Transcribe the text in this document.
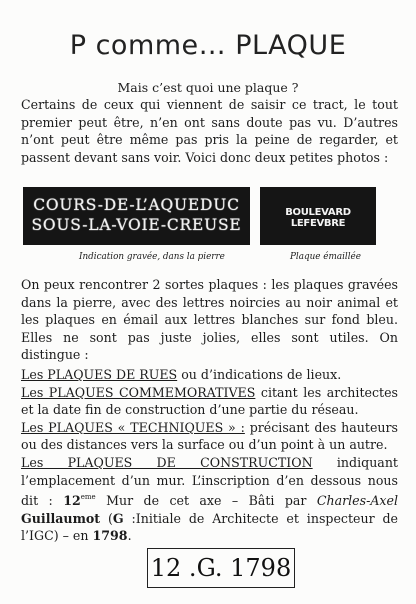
P comme… PLAQUE
Mais c’est quoi une plaque ?
Certains de ceux qui viennent de saisir ce tract, le tout premier peut être, n’en ont sans doute pas vu. D’autres n’ont peut être même pas pris la peine de regarder, et passent devant sans voir. Voici donc deux petites photos :
COURS-DE-L’AQUEDUC
SOUS-LA-VOIE-CREUSE
BOULEVARD LEFEVBRE
Indication gravée, dans la pierre	Plaque émaillée
On peux rencontrer 2 sortes plaques : les plaques gravées dans la pierre, avec des lettres noircies au noir animal et les plaques en émail aux lettres blanches sur fond bleu. Elles ne sont pas juste jolies, elles sont utiles. On distingue :
Les PLAQUES DE RUES ou d’indications de lieux.
Les PLAQUES COMMEMORATIVES citant les architectes et la date fin de construction d’une partie du réseau.
Les PLAQUES « TECHNIQUES » : précisant des hauteurs ou des distances vers la surface ou d’un point à un autre.
Les PLAQUES DE CONSTRUCTION indiquant l’emplacement d’un mur. L’inscription d’en dessous nous dit : 12eme Mur de cet axe – Bâti par Charles-Axel Guillaumot (G :Initiale de Architecte et inspecteur de l’IGC) – en 1798.
12 .G. 1798
